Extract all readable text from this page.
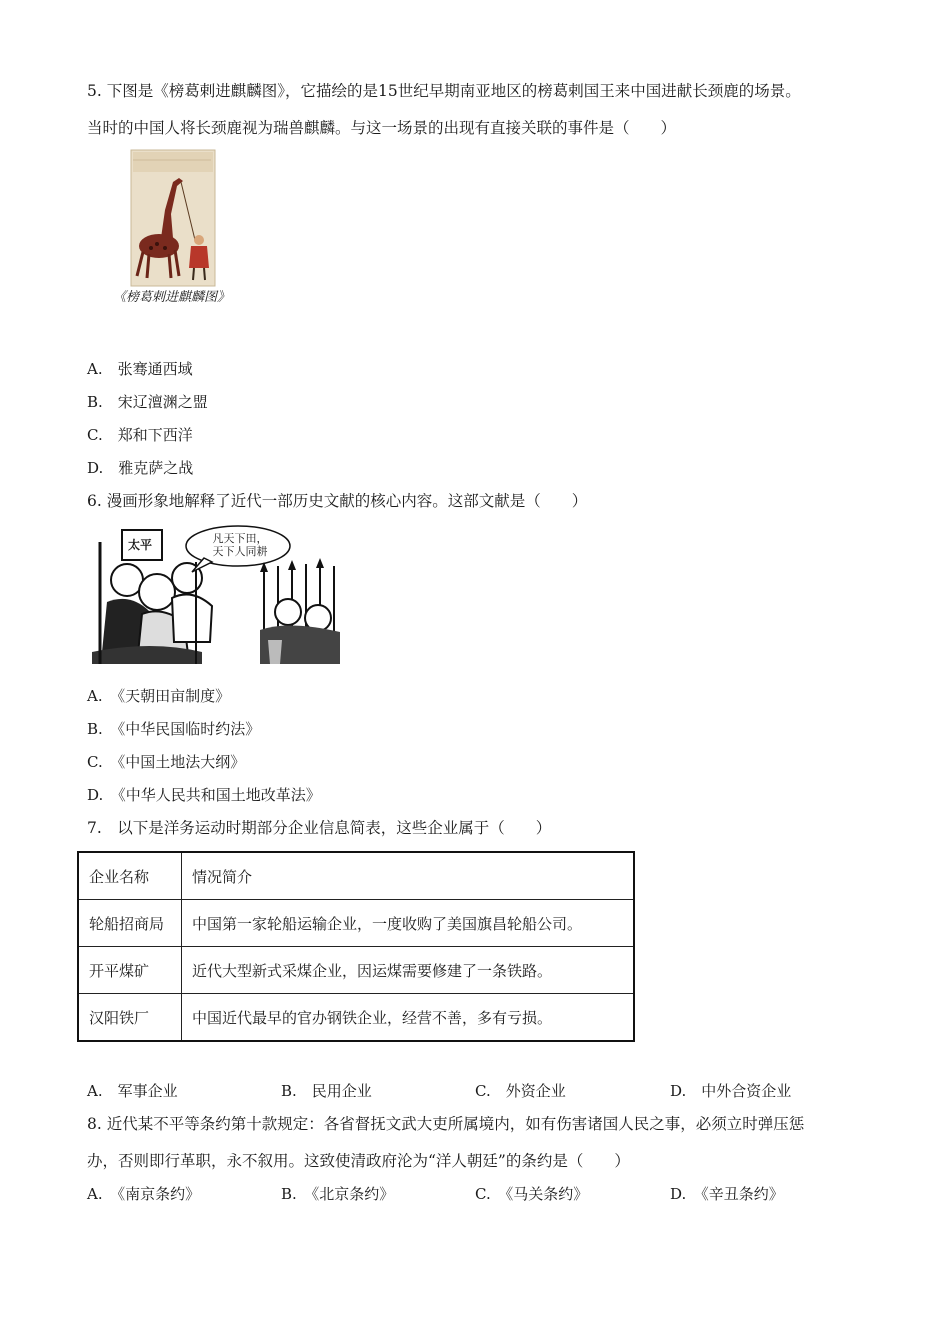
5. 下图是《榜葛剌进麒麟图》，它描绘的是15世纪早期南亚地区的榜葛剌国王来中国进献长颈鹿的场景。
当时的中国人将长颈鹿视为瑞兽麒麟。与这一场景的出现有直接关联的事件是（　　）
《榜葛剌进麒麟图》
A.　张骞通西域
B.　宋辽澶渊之盟
C.　郑和下西洋
D.　雅克萨之战
6. 漫画形象地解释了近代一部历史文献的核心内容。这部文献是（　　）
太平	凡天下田，
天下人同耕
A.　《天朝田亩制度》
B.　《中华民国临时约法》
C.　《中国土地法大纲》
D.　《中华人民共和国土地改革法》
7.　以下是洋务运动时期部分企业信息简表，这些企业属于（　　）
企业名称	情况简介
轮船招商局	中国第一家轮船运输企业，一度收购了美国旗昌轮船公司。
开平煤矿	近代大型新式采煤企业，因运煤需要修建了一条铁路。
汉阳铁厂	中国近代最早的官办钢铁企业，经营不善，多有亏损。
A.　军事企业	B.　民用企业	C.　外资企业	D.　中外合资企业
8. 近代某不平等条约第十款规定：各省督抚文武大吏所属境内，如有伤害诸国人民之事，必须立时弹压惩
办，否则即行革职，永不叙用。这致使清政府沦为“洋人朝廷”的条约是（　　）
A.　《南京条约》	B.　《北京条约》	C.　《马关条约》	D.　《辛丑条约》
